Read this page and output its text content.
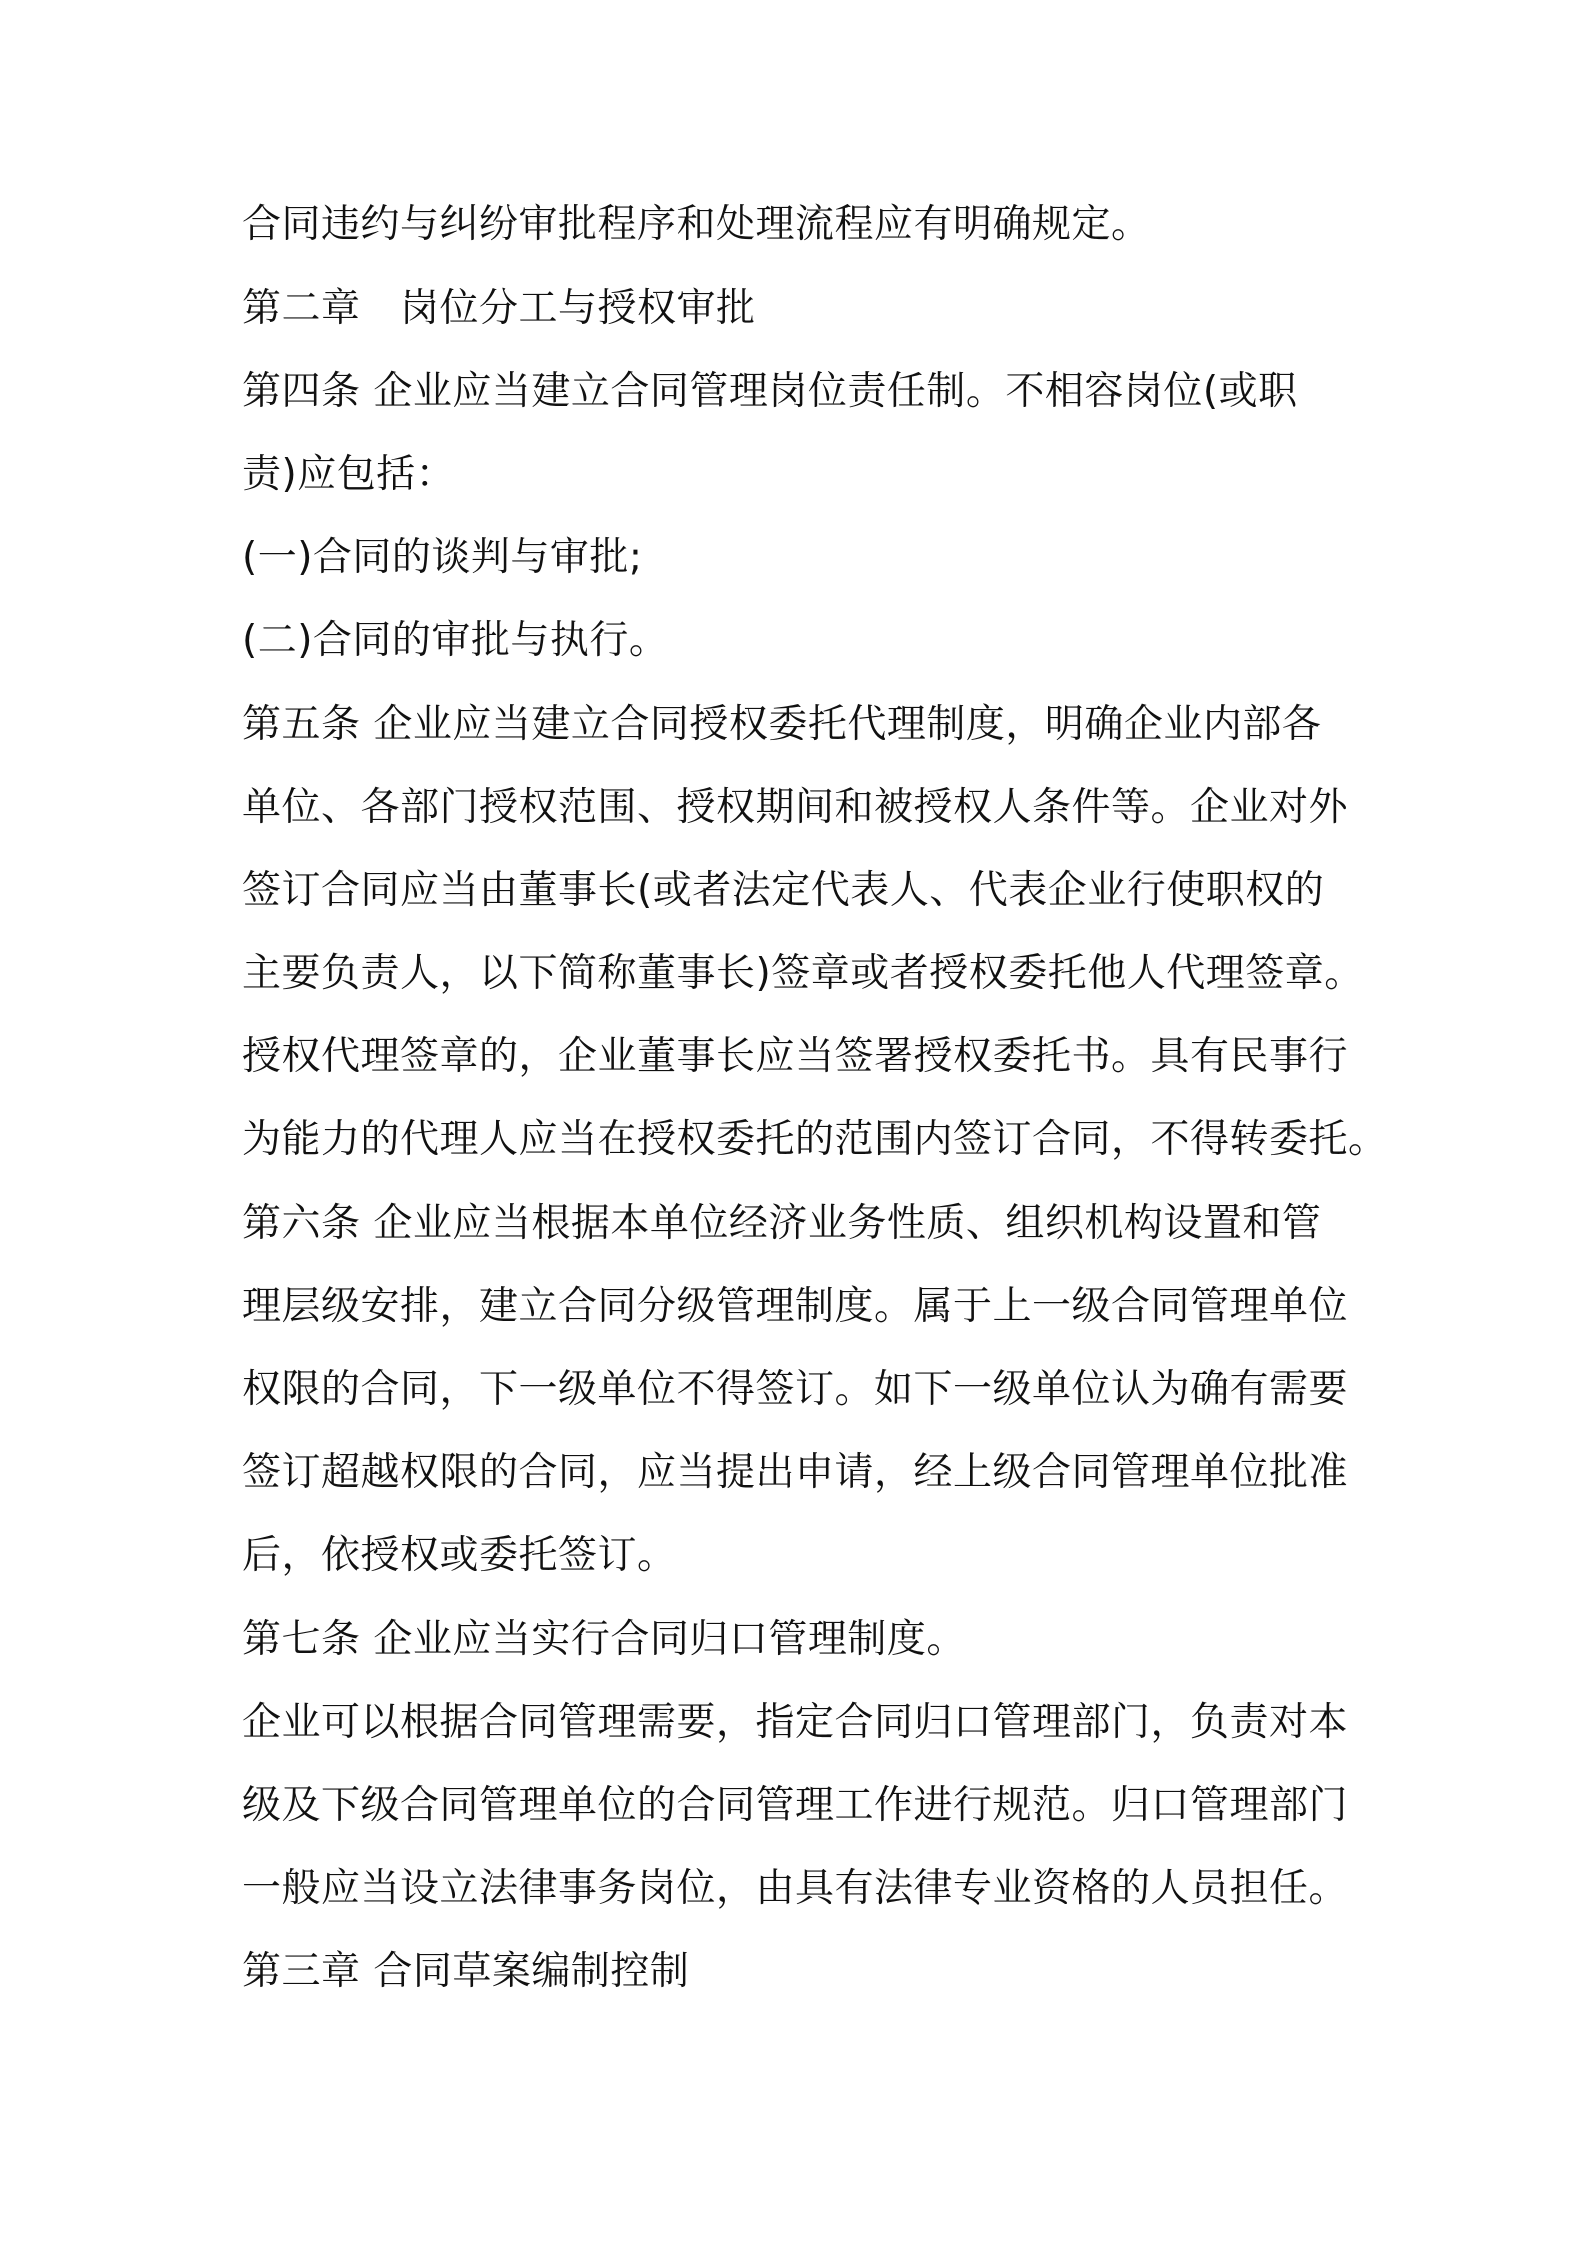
合同违约与纠纷审批程序和处理流程应有明确规定。
第二章　岗位分工与授权审批
第四条 企业应当建立合同管理岗位责任制。不相容岗位(或职
责)应包括：
(一)合同的谈判与审批;
(二)合同的审批与执行。
第五条 企业应当建立合同授权委托代理制度，明确企业内部各
单位、各部门授权范围、授权期间和被授权人条件等。企业对外
签订合同应当由董事长(或者法定代表人、代表企业行使职权的
主要负责人，以下简称董事长)签章或者授权委托他人代理签章。
授权代理签章的，企业董事长应当签署授权委托书。具有民事行
为能力的代理人应当在授权委托的范围内签订合同，不得转委托。
第六条 企业应当根据本单位经济业务性质、组织机构设置和管
理层级安排，建立合同分级管理制度。属于上一级合同管理单位
权限的合同，下一级单位不得签订。如下一级单位认为确有需要
签订超越权限的合同，应当提出申请，经上级合同管理单位批准
后，依授权或委托签订。
第七条 企业应当实行合同归口管理制度。
企业可以根据合同管理需要，指定合同归口管理部门，负责对本
级及下级合同管理单位的合同管理工作进行规范。归口管理部门
一般应当设立法律事务岗位，由具有法律专业资格的人员担任。
第三章 合同草案编制控制
